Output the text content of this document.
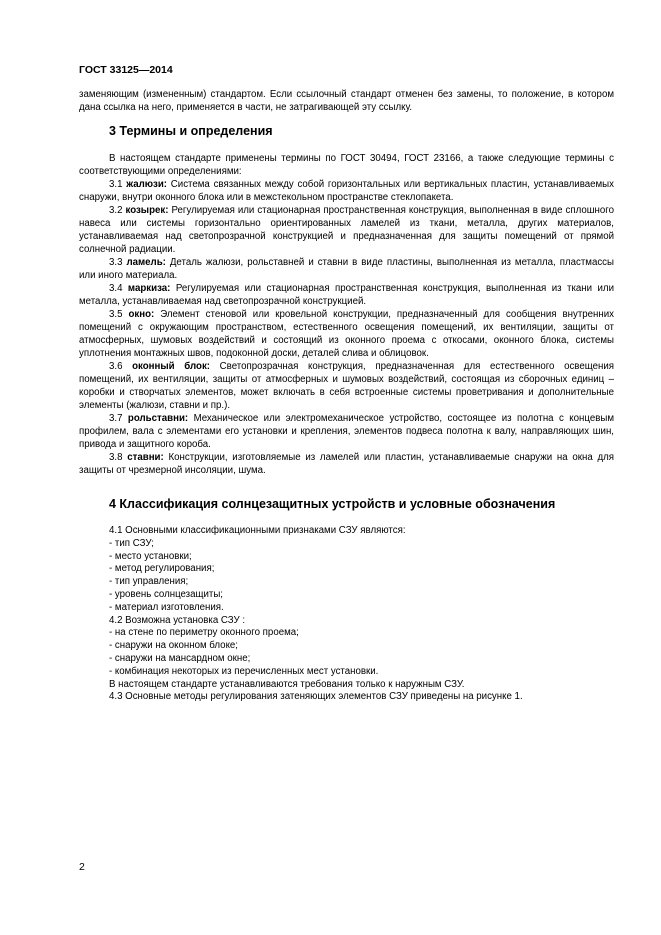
ГОСТ 33125—2014

заменяющим (измененным) стандартом. Если ссылочный стандарт отменен без замены, то положение, в котором дана ссылка на него, применяется в части, не затрагивающей эту ссылку.

3 Термины и определения

В настоящем стандарте применены термины по ГОСТ 30494, ГОСТ 23166, а также следующие термины с соответствующими определениями:

3.1 жалюзи: Система связанных между собой горизонтальных или вертикальных пластин, устанавливаемых снаружи, внутри оконного блока или в межстекольном пространстве стеклопакета.

3.2 козырек: Регулируемая или стационарная пространственная конструкция, выполненная в виде сплошного навеса или системы горизонтально ориентированных ламелей из ткани, металла, других материалов, устанавливаемая над светопрозрачной конструкцией и предназначенная для защиты помещений от прямой солнечной радиации.

3.3 ламель: Деталь жалюзи, рольставней и ставни в виде пластины, выполненная из металла, пластмассы или иного материала.

3.4 маркиза: Регулируемая или стационарная пространственная конструкция, выполненная из ткани или металла, устанавливаемая над светопрозрачной конструкцией.

3.5 окно: Элемент стеновой или кровельной конструкции, предназначенный для сообщения внутренних помещений с окружающим пространством, естественного освещения помещений, их вентиляции, защиты от атмосферных, шумовых воздействий и состоящий из оконного проема с откосами, оконного блока, системы уплотнения монтажных швов, подоконной доски, деталей слива и облицовок.

3.6 оконный блок: Светопрозрачная конструкция, предназначенная для естественного освещения помещений, их вентиляции, защиты от атмосферных и шумовых воздействий, состоящая из сборочных единиц – коробки и створчатых элементов, может включать в себя встроенные системы проветривания и дополнительные элементы (жалюзи, ставни и пр.).

3.7 рольставни: Механическое или электромеханическое устройство, состоящее из полотна с концевым профилем, вала с элементами его установки и крепления, элементов подвеса полотна к валу, направляющих шин, привода и защитного короба.

3.8 ставни: Конструкции, изготовляемые из ламелей или пластин, устанавливаемые снаружи на окна для защиты от чрезмерной инсоляции, шума.

4 Классификация солнцезащитных устройств и условные обозначения
4.1 Основными классификационными признаками СЗУ являются:
- тип СЗУ;
- место установки;
- метод регулирования;
- тип управления;
- уровень солнцезащиты;
- материал изготовления.
4.2 Возможна установка СЗУ :
- на стене по периметру оконного проема;
- снаружи на оконном блоке;
- снаружи на мансардном окне;
- комбинация некоторых из перечисленных мест установки.
В настоящем стандарте устанавливаются требования только к наружным СЗУ.
4.3 Основные методы регулирования затеняющих элементов СЗУ приведены на рисунке 1.
2
